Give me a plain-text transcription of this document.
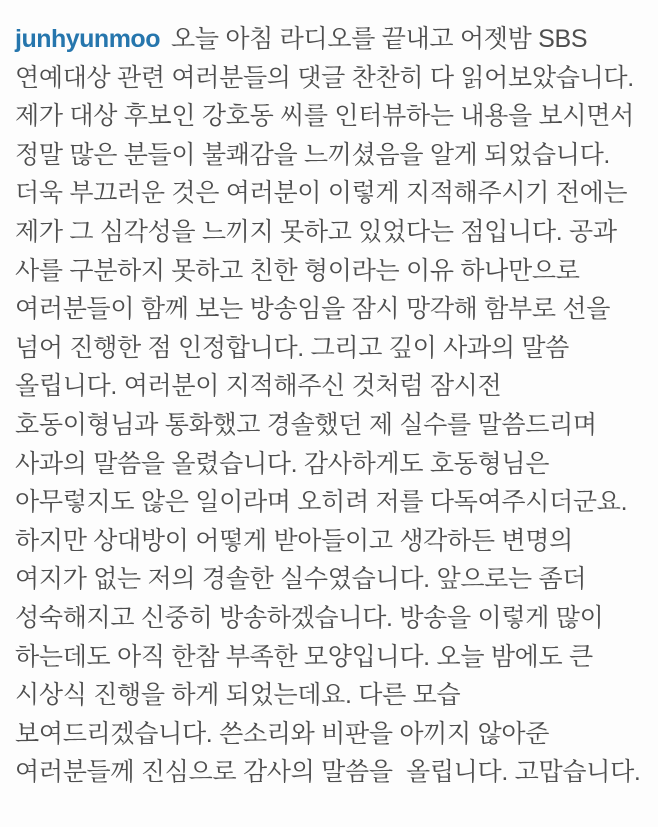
junhyunmoo 오늘 아침 라디오를 끝내고 어젯밤 SBS
연예대상 관련 여러분들의 댓글 찬찬히 다 읽어보았습니다.
제가 대상 후보인 강호동 씨를 인터뷰하는 내용을 보시면서
정말 많은 분들이 불쾌감을 느끼셨음을 알게 되었습니다.
더욱 부끄러운 것은 여러분이 이렇게 지적해주시기 전에는
제가 그 심각성을 느끼지 못하고 있었다는 점입니다. 공과
사를 구분하지 못하고 친한 형이라는 이유 하나만으로
여러분들이 함께 보는 방송임을 잠시 망각해 함부로 선을
넘어 진행한 점 인정합니다. 그리고 깊이 사과의 말씀
올립니다. 여러분이 지적해주신 것처럼 잠시전
호동이형님과 통화했고 경솔했던 제 실수를 말씀드리며
사과의 말씀을 올렸습니다. 감사하게도 호동형님은
아무렇지도 않은 일이라며 오히려 저를 다독여주시더군요.
하지만 상대방이 어떻게 받아들이고 생각하든 변명의
여지가 없는 저의 경솔한 실수였습니다. 앞으로는 좀더
성숙해지고 신중히 방송하겠습니다. 방송을 이렇게 많이
하는데도 아직 한참 부족한 모양입니다. 오늘 밤에도 큰
시상식 진행을 하게 되었는데요. 다른 모습
보여드리겠습니다. 쓴소리와 비판을 아끼지 않아준
여러분들께 진심으로 감사의 말씀을  올립니다. 고맙습니다.
